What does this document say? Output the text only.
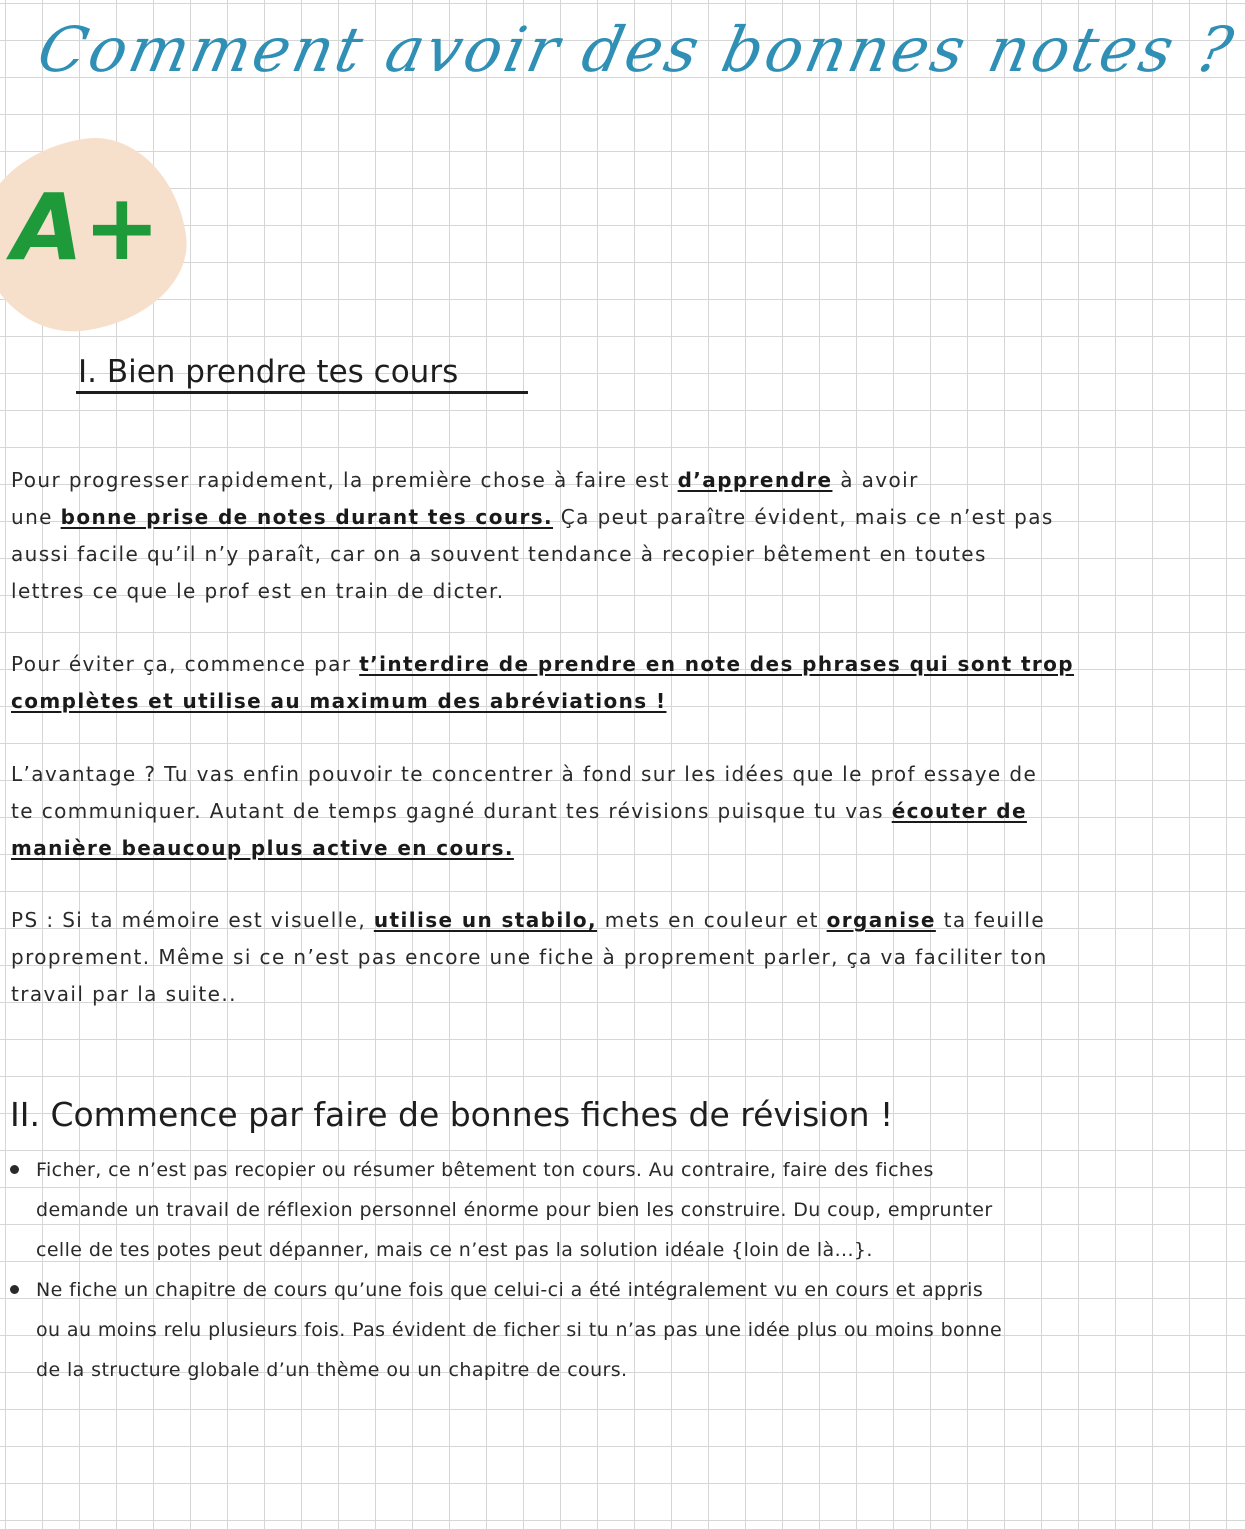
Comment avoir des bonnes notes ?
A+
I. Bien prendre tes cours

Pour progresser rapidement, la première chose à faire est d’apprendre à avoir
une bonne prise de notes durant tes cours. Ça peut paraître évident, mais ce n’est pas
aussi facile qu’il n’y paraît, car on a souvent tendance à recopier bêtement en toutes
lettres ce que le prof est en train de dicter.

Pour éviter ça, commence par t’interdire de prendre en note des phrases qui sont trop
complètes et utilise au maximum des abréviations !

L’avantage ? Tu vas enfin pouvoir te concentrer à fond sur les idées que le prof essaye de
te communiquer. Autant de temps gagné durant tes révisions puisque tu vas écouter de
manière beaucoup plus active en cours.

PS : Si ta mémoire est visuelle, utilise un stabilo, mets en couleur et organise ta feuille
proprement. Même si ce n’est pas encore une fiche à proprement parler, ça va faciliter ton
travail par la suite..

II. Commence par faire de bonnes fiches de révision !
Ficher, ce n’est pas recopier ou résumer bêtement ton cours. Au contraire, faire des fiches
demande un travail de réflexion personnel énorme pour bien les construire. Du coup, emprunter
celle de tes potes peut dépanner, mais ce n’est pas la solution idéale {loin de là...}.
Ne fiche un chapitre de cours qu’une fois que celui-ci a été intégralement vu en cours et appris
ou au moins relu plusieurs fois. Pas évident de ficher si tu n’as pas une idée plus ou moins bonne
de la structure globale d’un thème ou un chapitre de cours.
